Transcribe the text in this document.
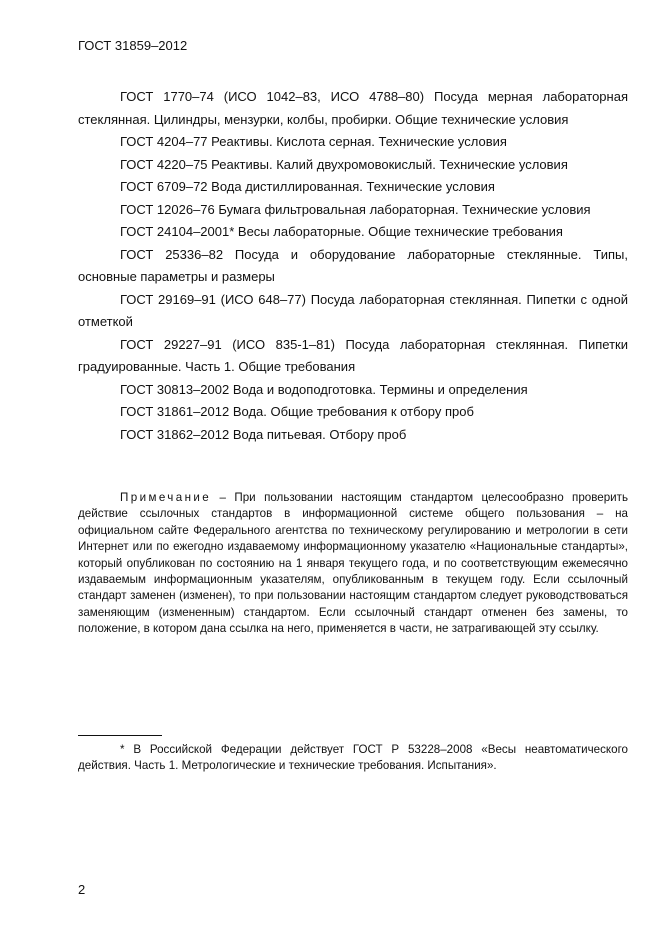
ГОСТ 31859–2012

ГОСТ 1770–74 (ИСО 1042–83, ИСО 4788–80) Посуда мерная лабораторная стеклянная. Цилиндры, мензурки, колбы, пробирки. Общие технические условия

ГОСТ 4204–77 Реактивы. Кислота серная. Технические условия

ГОСТ 4220–75 Реактивы. Калий двухромовокислый. Технические условия

ГОСТ 6709–72 Вода дистиллированная. Технические условия

ГОСТ 12026–76 Бумага фильтровальная лабораторная. Технические условия

ГОСТ 24104–2001* Весы лабораторные. Общие технические требования

ГОСТ 25336–82 Посуда и оборудование лабораторные стеклянные. Типы, основные параметры и размеры

ГОСТ 29169–91 (ИСО 648–77) Посуда лабораторная стеклянная. Пипетки с одной отметкой

ГОСТ 29227–91 (ИСО 835-1–81) Посуда лабораторная стеклянная. Пипетки градуированные. Часть 1. Общие требования

ГОСТ 30813–2002 Вода и водоподготовка. Термины и определения

ГОСТ 31861–2012 Вода. Общие требования к отбору проб

ГОСТ 31862–2012 Вода питьевая. Отбору проб

Примечание – При пользовании настоящим стандартом целесообразно проверить действие ссылочных стандартов в информационной системе общего пользования – на официальном сайте Федерального агентства по техническому регулированию и метрологии в сети Интернет или по ежегодно издаваемому информационному указателю «Национальные стандарты», который опубликован по состоянию на 1 января текущего года, и по соответствующим ежемесячно издаваемым информационным указателям, опубликованным в текущем году. Если ссылочный стандарт заменен (изменен), то при пользовании настоящим стандартом следует руководствоваться заменяющим (измененным) стандартом. Если ссылочный стандарт отменен без замены, то положение, в котором дана ссылка на него, применяется в части, не затрагивающей эту ссылку.

* В Российской Федерации действует ГОСТ Р 53228–2008 «Весы неавтоматического действия. Часть 1. Метрологические и технические требования. Испытания».

2
